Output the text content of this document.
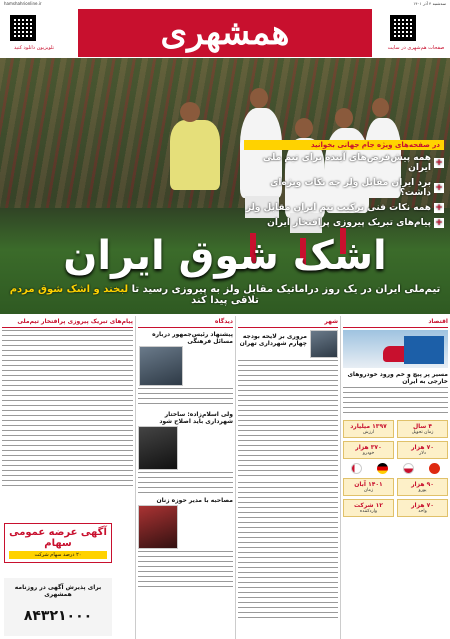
سه‌شنبه ۴ آذر ۱۴۰۱
hamshahrionline.ir
تلویزیون دانلود کنید	همشهری	صفحات هم‌شهری در سایت
در صفحه‌های ویژه جام جهانی بخوانید
+
همه پیش‌فرض‌های آینده برای تیم ملی ایران
+
برد ایران مقابل ولز چه نکات ویژه‌ای داشت؟
+
همه نکات فنی ترکیب تیم ایران مقابل ولز
+
پیام‌های تبریک پیروزی پرافتخار ایران
اشک شوق ایران
تیم‌ملی ایران در یک روز دراماتیک مقابل ولز به پیروزی رسید تا لبخند و اشک شوق مردم تلاقی پیدا کند
اقتصاد
مسیر پر پیچ و خم ورود خودروهای خارجی به ایران
۴ سال
زمان تحویل
۱۳۹۷ میلیارد
ارزش
۷۰ هزار
دلار
۳۷۰ هزار
خودرو
۹۰ هزار
یورو
۱۴۰۱ آبان
زمان
۷۰ هزار
واحد
۱۲ شرکت
واردکننده
شهر
مروری بر لایحه بودجه چهارم شهرداری تهران
دیدگاه
پیشنهاد رئیس‌جمهور درباره مسائل فرهنگی
ولی اسلام‌زاده: ساختار شهرداری باید اصلاح شود
مصاحبه با مدیر حوزه زنان
پیام‌های تبریک پیروزی پرافتخار تیم‌ملی
آگهی عرضه عمومی سهام
۲۰ درصد سهام شرکت
برای پذیرش آگهی در روزنامه همشهری
۸۴۳۲۱۰۰۰
